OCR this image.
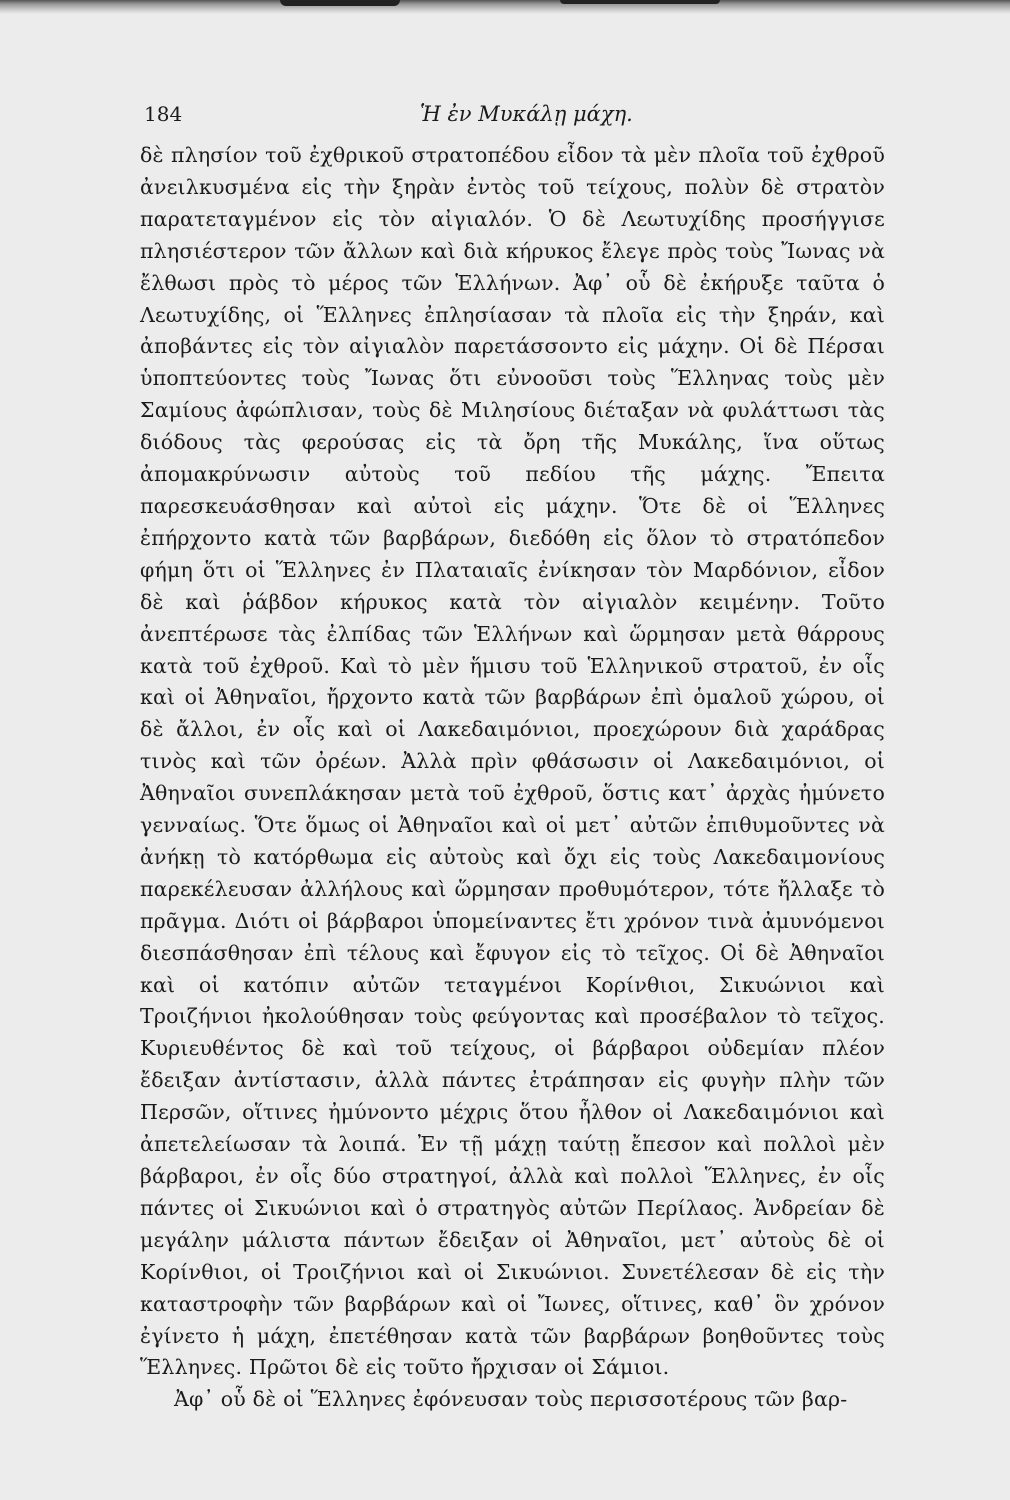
184	Ἡ ἐν Μυκάλῃ μάχη.

δὲ πλησίον τοῦ ἐχθρικοῦ στρατοπέδου εἶδον τὰ μὲν πλοῖα τοῦ ἐχθροῦ ἀνειλκυσμένα εἰς τὴν ξηρὰν ἐντὸς τοῦ τείχους, πολὺν δὲ στρατὸν παρατεταγμένον εἰς τὸν αἰγιαλόν. Ὁ δὲ Λεωτυχίδης προσήγγισε πλησιέστερον τῶν ἄλλων καὶ διὰ κήρυκος ἔλεγε πρὸς τοὺς Ἴωνας νὰ ἔλθωσι πρὸς τὸ μέρος τῶν Ἑλλήνων. Ἀφ᾽ οὗ δὲ ἐκήρυξε ταῦτα ὁ Λεωτυχίδης, οἱ Ἕλληνες ἐπλησίασαν τὰ πλοῖα εἰς τὴν ξηράν, καὶ ἀποβάντες εἰς τὸν αἰγιαλὸν παρετάσσοντο εἰς μάχην. Οἱ δὲ Πέρσαι ὑποπτεύοντες τοὺς Ἴωνας ὅτι εὐνοοῦσι τοὺς Ἕλληνας τοὺς μὲν Σαμίους ἀφώπλισαν, τοὺς δὲ Μιλησίους διέταξαν νὰ φυλάττωσι τὰς διόδους τὰς φερούσας εἰς τὰ ὄρη τῆς Μυκάλης, ἵνα οὕτως ἀπομακρύνωσιν αὐτοὺς τοῦ πεδίου τῆς μάχης. Ἔπειτα παρεσκευάσθησαν καὶ αὐτοὶ εἰς μάχην. Ὅτε δὲ οἱ Ἕλληνες ἐπήρχοντο κατὰ τῶν βαρβάρων, διεδόθη εἰς ὅλον τὸ στρατόπεδον φήμη ὅτι οἱ Ἕλληνες ἐν Πλαταιαῖς ἐνίκησαν τὸν Μαρδόνιον, εἶδον δὲ καὶ ῥάβδον κήρυκος κατὰ τὸν αἰγιαλὸν κειμένην. Τοῦτο ἀνεπτέρωσε τὰς ἐλπίδας τῶν Ἑλλήνων καὶ ὥρμησαν μετὰ θάρρους κατὰ τοῦ ἐχθροῦ. Καὶ τὸ μὲν ἥμισυ τοῦ Ἑλληνικοῦ στρατοῦ, ἐν οἷς καὶ οἱ Ἀθηναῖοι, ἤρχοντο κατὰ τῶν βαρβάρων ἐπὶ ὁμαλοῦ χώρου, οἱ δὲ ἄλλοι, ἐν οἷς καὶ οἱ Λακεδαιμόνιοι, προεχώρουν διὰ χαράδρας τινὸς καὶ τῶν ὀρέων. Ἀλλὰ πρὶν φθάσωσιν οἱ Λακεδαιμόνιοι, οἱ Ἀθηναῖοι συνεπλάκησαν μετὰ τοῦ ἐχθροῦ, ὅστις κατ᾽ ἀρχὰς ἠμύνετο γενναίως. Ὅτε ὅμως οἱ Ἀθηναῖοι καὶ οἱ μετ᾽ αὐτῶν ἐπιθυμοῦντες νὰ ἀνήκῃ τὸ κατόρθωμα εἰς αὐτοὺς καὶ ὄχι εἰς τοὺς Λακεδαιμονίους παρεκέλευσαν ἀλλήλους καὶ ὥρμησαν προθυμότερον, τότε ἤλλαξε τὸ πρᾶγμα. Διότι οἱ βάρβαροι ὑπομείναντες ἔτι χρόνον τινὰ ἀμυνόμενοι διεσπάσθησαν ἐπὶ τέλους καὶ ἔφυγον εἰς τὸ τεῖχος. Οἱ δὲ Ἀθηναῖοι καὶ οἱ κατόπιν αὐτῶν τεταγμένοι Κορίνθιοι, Σικυώνιοι καὶ Τροιζήνιοι ἠκολούθησαν τοὺς φεύγοντας καὶ προσέβαλον τὸ τεῖχος. Κυριευθέντος δὲ καὶ τοῦ τείχους, οἱ βάρβαροι οὐδεμίαν πλέον ἔδειξαν ἀντίστασιν, ἀλλὰ πάντες ἐτράπησαν εἰς φυγὴν πλὴν τῶν Περσῶν, οἵτινες ἠμύνοντο μέχρις ὅτου ἦλθον οἱ Λακεδαιμόνιοι καὶ ἀπετελείωσαν τὰ λοιπά. Ἐν τῇ μάχῃ ταύτῃ ἔπεσον καὶ πολλοὶ μὲν βάρβαροι, ἐν οἷς δύο στρατηγοί, ἀλλὰ καὶ πολλοὶ Ἕλληνες, ἐν οἷς πάντες οἱ Σικυώνιοι καὶ ὁ στρατηγὸς αὐτῶν Περίλαος. Ἀνδρείαν δὲ μεγάλην μάλιστα πάντων ἔδειξαν οἱ Ἀθηναῖοι, μετ᾽ αὐτοὺς δὲ οἱ Κορίνθιοι, οἱ Τροιζήνιοι καὶ οἱ Σικυώνιοι. Συνετέλεσαν δὲ εἰς τὴν καταστροφὴν τῶν βαρβάρων καὶ οἱ Ἴωνες, οἵτινες, καθ᾽ ὃν χρόνον ἐγίνετο ἡ μάχη, ἐπετέθησαν κατὰ τῶν βαρβάρων βοηθοῦντες τοὺς Ἕλληνες. Πρῶτοι δὲ εἰς τοῦτο ἤρχισαν οἱ Σάμιοι.

Ἀφ᾽ οὗ δὲ οἱ Ἕλληνες ἐφόνευσαν τοὺς περισσοτέρους τῶν βαρ-
